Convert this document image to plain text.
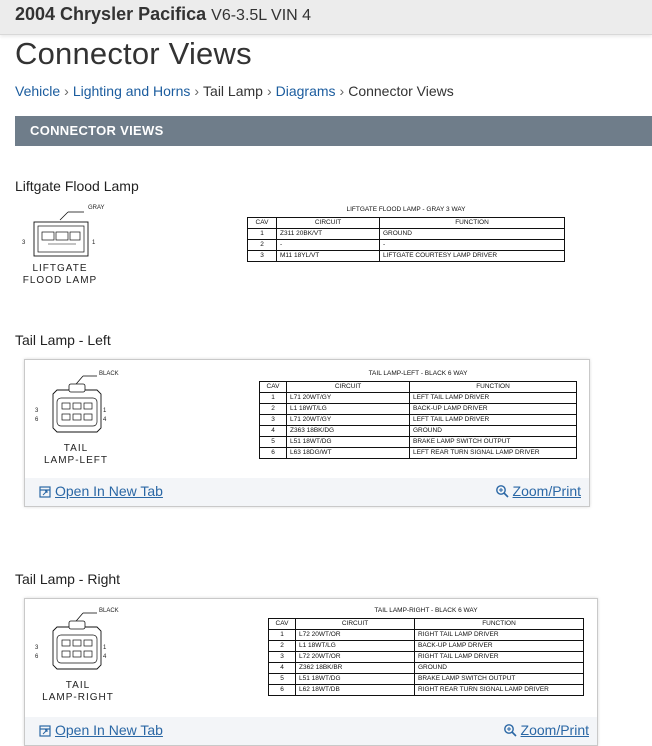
2004 Chrysler Pacifica V6-3.5L VIN 4
Connector Views
Vehicle › Lighting and Horns › Tail Lamp › Diagrams › Connector Views
CONNECTOR VIEWS
Liftgate Flood Lamp
GRAY
3	1
LIFTGATE
FLOOD LAMP
LIFTGATE FLOOD LAMP - GRAY 3 WAY
CAV	CIRCUIT	FUNCTION
1	Z311 20BK/VT	GROUND
2	-	-
3	M11 18YL/VT	LIFTGATE COURTESY LAMP DRIVER
Tail Lamp - Left
BLACK
3
6
1
4
TAIL
LAMP-LEFT
TAIL LAMP-LEFT - BLACK 6 WAY
CAV	CIRCUIT	FUNCTION
1	L71 20WT/GY	LEFT TAIL LAMP DRIVER
2	L1 18WT/LG	BACK-UP LAMP DRIVER
3	L71 20WT/GY	LEFT TAIL LAMP DRIVER
4	Z363 18BK/DG	GROUND
5	L51 18WT/DG	BRAKE LAMP SWITCH OUTPUT
6	L63 18DG/WT	LEFT REAR TURN SIGNAL LAMP DRIVER
Open In New Tab	Zoom/Print
Tail Lamp - Right
BLACK
3
6
1
4
TAIL
LAMP-RIGHT
TAIL LAMP-RIGHT - BLACK 6 WAY
CAV	CIRCUIT	FUNCTION
1	L72 20WT/OR	RIGHT TAIL LAMP DRIVER
2	L1 18WT/LG	BACK-UP LAMP DRIVER
3	L72 20WT/OR	RIGHT TAIL LAMP DRIVER
4	Z362 18BK/BR	GROUND
5	L51 18WT/DG	BRAKE LAMP SWITCH OUTPUT
6	L62 18WT/DB	RIGHT REAR TURN SIGNAL LAMP DRIVER
Open In New Tab	Zoom/Print
